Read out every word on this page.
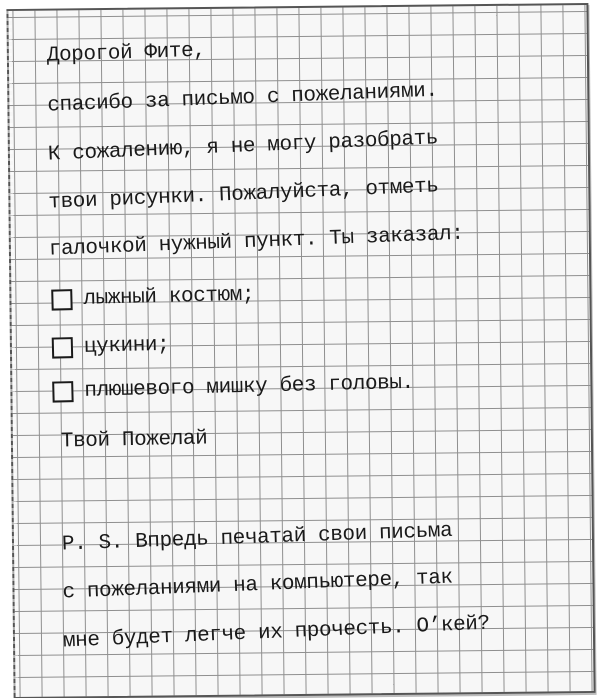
Дорогой Фите,
спасибо за письмо с пожеланиями.
К сожалению, я не могу разобрать
твои рисунки. Пожалуйста, отметь
галочкой нужный пункт. Ты заказал:
лыжный костюм;
цукини;
плюшевого мишку без головы.
Твой Пожелай
P. S. Впредь печатай свои письма
с пожеланиями на компьютере, так
мне будет легче их прочесть. О’кей?
